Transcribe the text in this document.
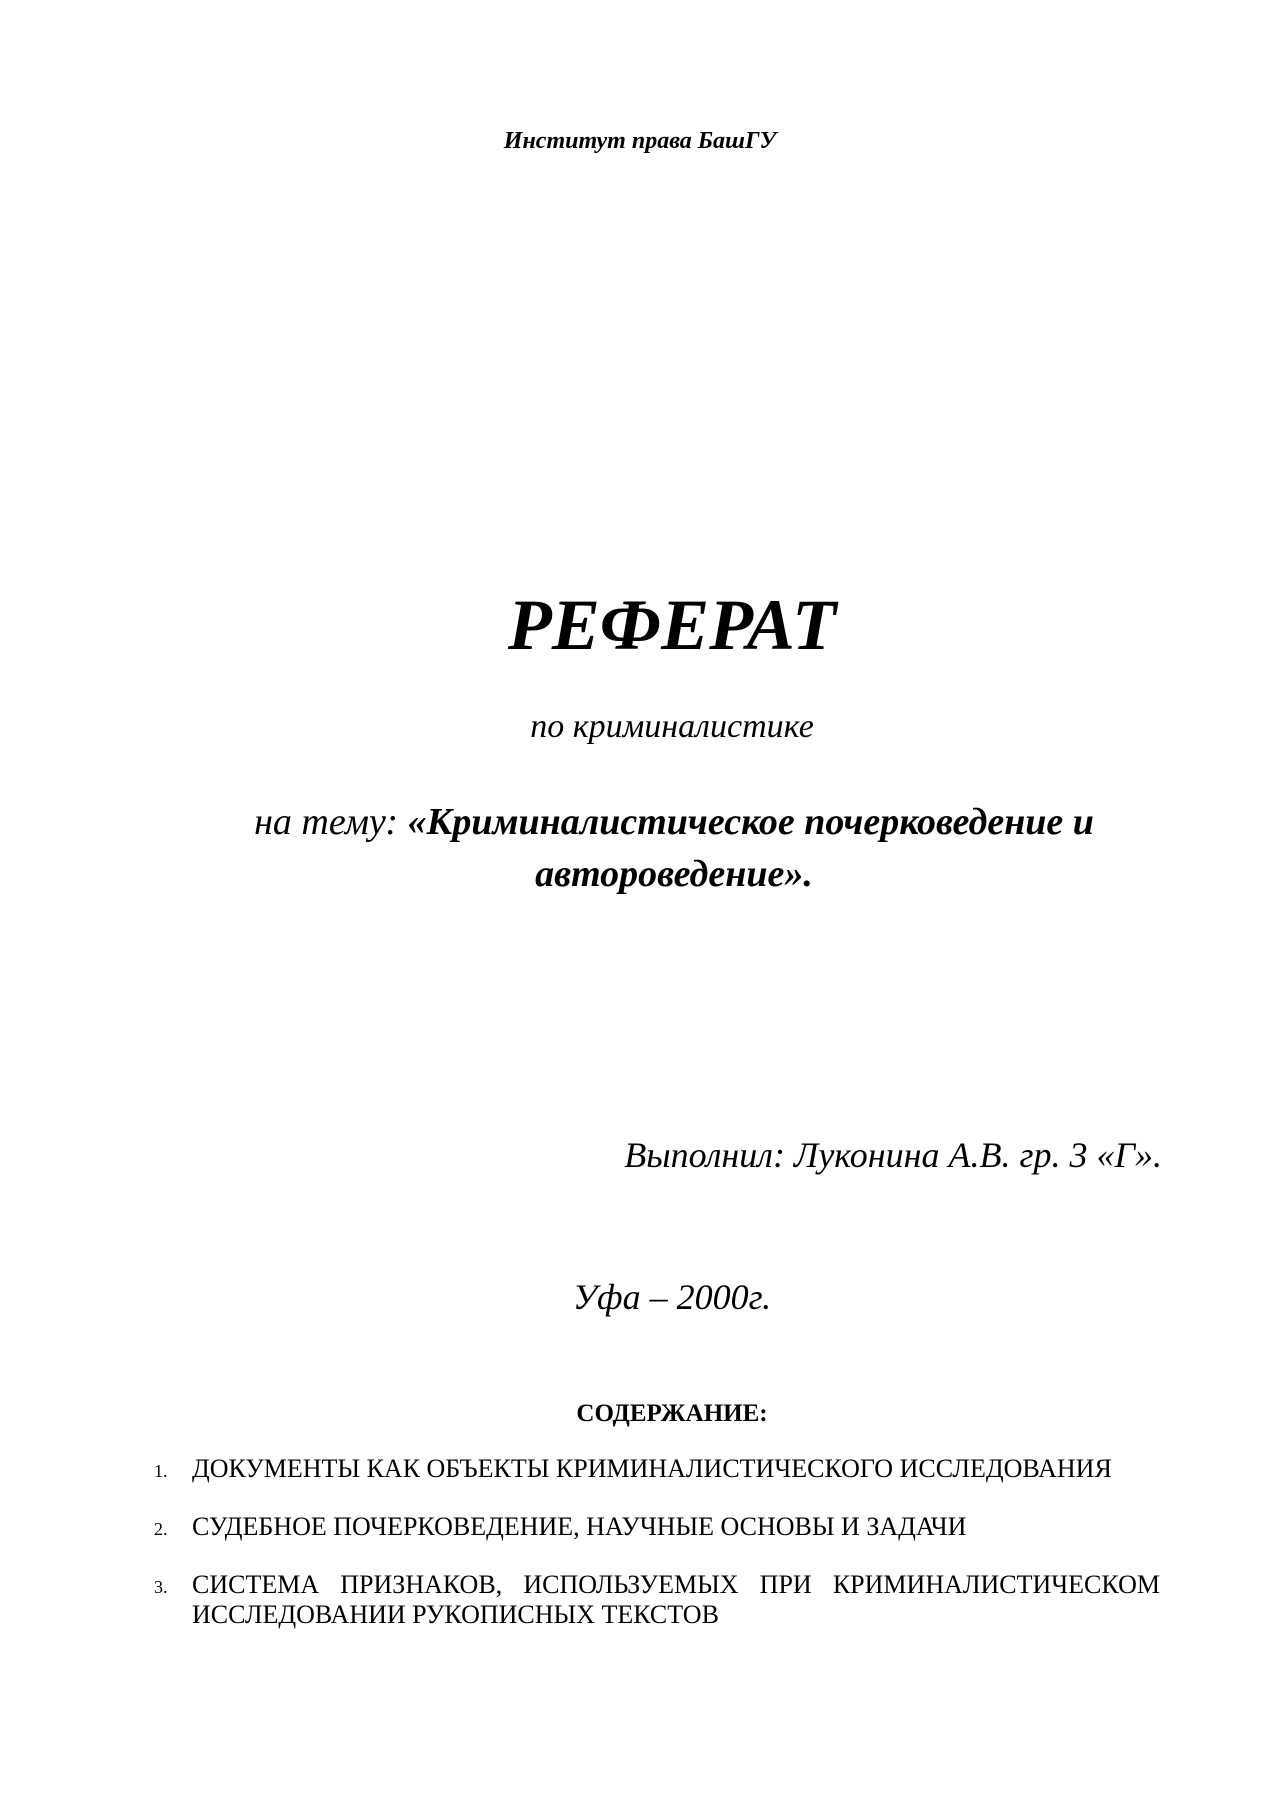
Институт права БашГУ
РЕФЕРАТ
по криминалистике
на тему: «Криминалистическое почерковедение и автороведение».
Выполнил: Луконина А.В. гр. 3 «Г».
Уфа – 2000г.
СОДЕРЖАНИЕ:
1. ДОКУМЕНТЫ КАК ОБЪЕКТЫ КРИМИНАЛИСТИЧЕСКОГО ИССЛЕДОВАНИЯ
2. СУДЕБНОЕ ПОЧЕРКОВЕДЕНИЕ, НАУЧНЫЕ ОСНОВЫ И ЗАДАЧИ
3. СИСТЕМА ПРИЗНАКОВ, ИСПОЛЬЗУЕМЫХ ПРИ КРИМИНАЛИСТИЧЕСКОМ ИССЛЕДОВАНИИ РУКОПИСНЫХ ТЕКСТОВ
